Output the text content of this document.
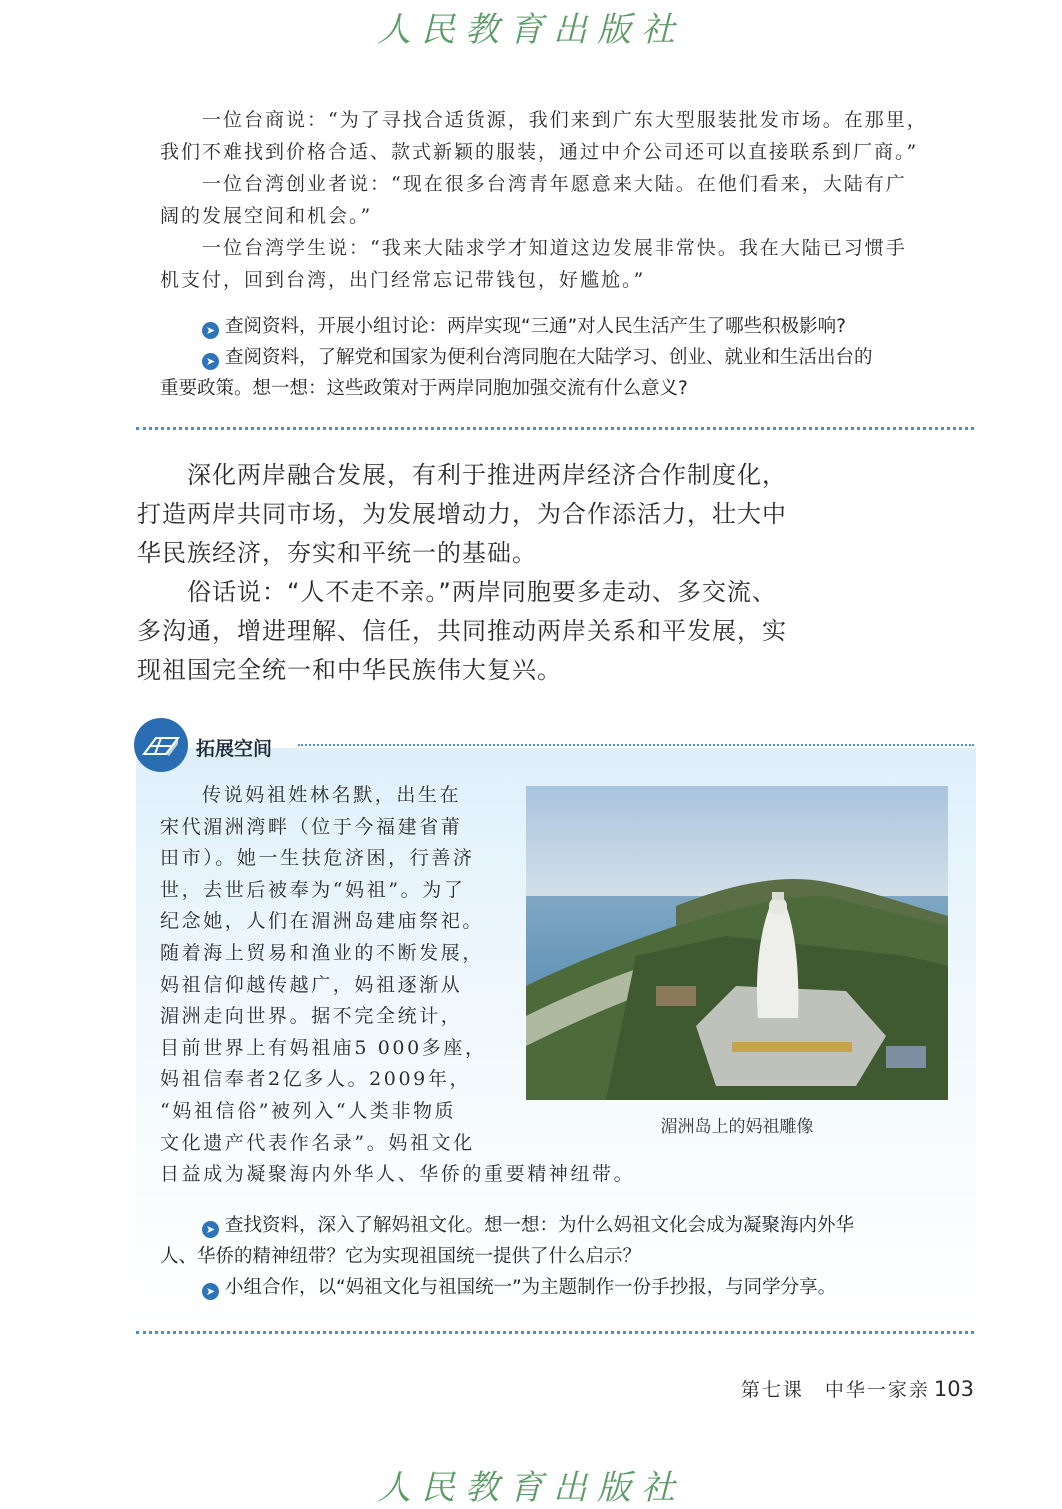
人民教育出版社

一位台商说：“为了寻找合适货源，我们来到广东大型服装批发市场。在那里，

我们不难找到价格合适、款式新颖的服装，通过中介公司还可以直接联系到厂商。”

一位台湾创业者说：“现在很多台湾青年愿意来大陆。在他们看来，大陆有广

阔的发展空间和机会。”

一位台湾学生说：“我来大陆求学才知道这边发展非常快。我在大陆已习惯手

机支付，回到台湾，出门经常忘记带钱包，好尴尬。”

➤ 查阅资料，开展小组讨论：两岸实现“三通”对人民生活产生了哪些积极影响?

➤ 查阅资料，了解党和国家为便利台湾同胞在大陆学习、创业、就业和生活出台的

重要政策。想一想：这些政策对于两岸同胞加强交流有什么意义?

深化两岸融合发展，有利于推进两岸经济合作制度化，

打造两岸共同市场，为发展增动力，为合作添活力，壮大中

华民族经济，夯实和平统一的基础。

俗话说：“人不走不亲。”两岸同胞要多走动、多交流、

多沟通，增进理解、信任，共同推动两岸关系和平发展，实

现祖国完全统一和中华民族伟大复兴。

拓展空间

传说妈祖姓林名默，出生在

宋代湄洲湾畔（位于今福建省莆

田市）。她一生扶危济困，行善济

世，去世后被奉为“妈祖”。为了

纪念她，人们在湄洲岛建庙祭祀。

随着海上贸易和渔业的不断发展，

妈祖信仰越传越广，妈祖逐渐从

湄洲走向世界。据不完全统计，

目前世界上有妈祖庙5 000多座，

妈祖信奉者2亿多人。2009年，

“妈祖信俗”被列入“人类非物质

文化遗产代表作名录”。妈祖文化

日益成为凝聚海内外华人、华侨的重要精神纽带。

湄洲岛上的妈祖雕像

➤ 查找资料，深入了解妈祖文化。想一想：为什么妈祖文化会成为凝聚海内外华

人、华侨的精神纽带？它为实现祖国统一提供了什么启示？

➤ 小组合作，以“妈祖文化与祖国统一”为主题制作一份手抄报，与同学分享。

第七课　中华一家亲 103
人民教育出版社
